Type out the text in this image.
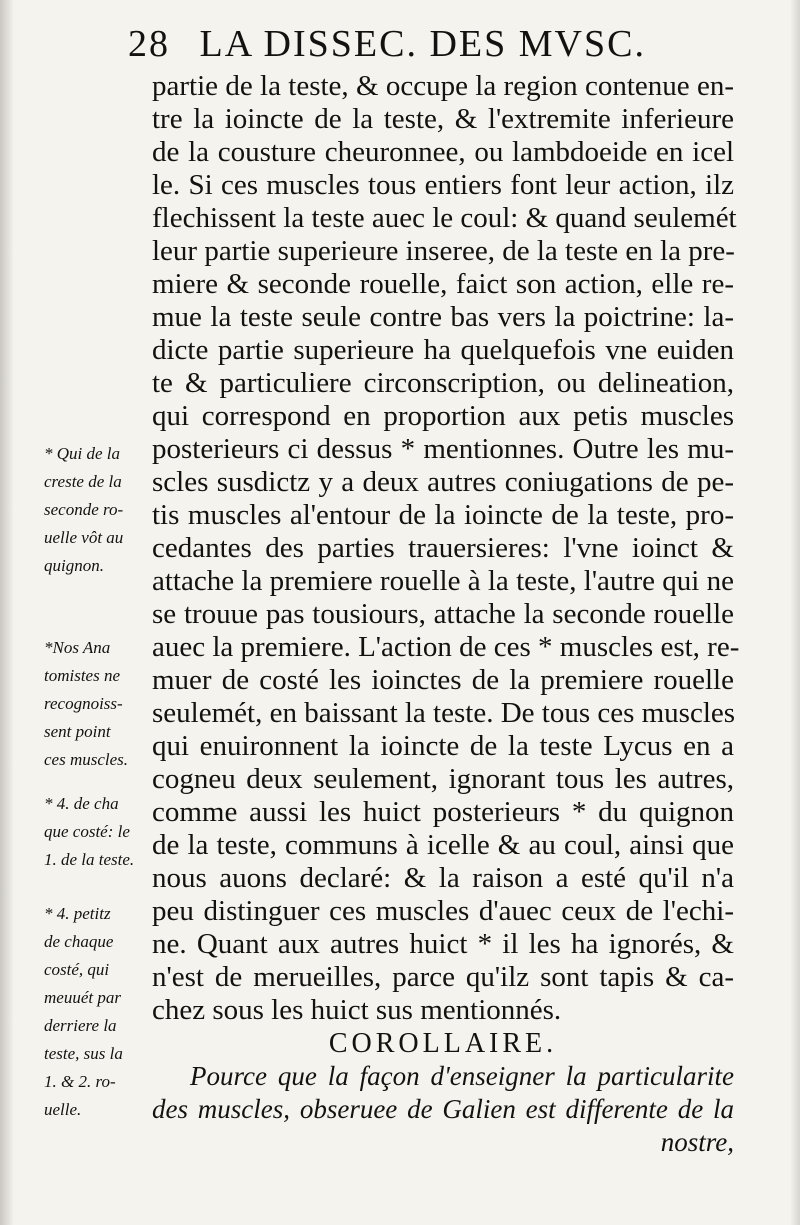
28 LA DISSEC. DES MVSC.
partie de la teste, & occupe la region contenue en-
tre la ioincte de la teste, & l'extremite inferieure
de la cousture cheuronnee, ou lambdoeide en icel
le. Si ces muscles tous entiers font leur action, ilz
flechissent la teste auec le coul: & quand seulemét
leur partie superieure inseree, de la teste en la pre-
miere & seconde rouelle, faict son action, elle re-
mue la teste seule contre bas vers la poictrine: la-
dicte partie superieure ha quelquefois vne euiden
te & particuliere circonscription, ou delineation,
qui correspond en proportion aux petis muscles
posterieurs ci dessus * mentionnes. Outre les mu-
scles susdictz y a deux autres coniugations de pe-
tis muscles al'entour de la ioincte de la teste, pro-
cedantes des parties trauersieres: l'vne ioinct &
attache la premiere rouelle à la teste, l'autre qui ne
se trouue pas tousiours, attache la seconde rouelle
auec la premiere. L'action de ces * muscles est, re-
muer de costé les ioinctes de la premiere rouelle
seulemét, en baissant la teste. De tous ces muscles
qui enuironnent la ioincte de la teste Lycus en a
cogneu deux seulement, ignorant tous les autres,
comme aussi les huict posterieurs * du quignon
de la teste, communs à icelle & au coul, ainsi que
nous auons declaré: & la raison a esté qu'il n'a
peu distinguer ces muscles d'auec ceux de l'echi-
ne. Quant aux autres huict * il les ha ignorés, &
n'est de merueilles, parce qu'ilz sont tapis & ca-
chez sous les huict sus mentionnés.
COROLLAIRE.
Pource que la façon d'enseigner la particularite
des muscles, obseruee de Galien est differente de la
nostre,
* Qui de la
creste de la
seconde ro-
uelle vôt au
quignon.
*Nos Ana
tomistes ne
recognoiss-
sent point
ces muscles.
* 4. de cha
que costé: le
1. de la teste.
* 4. petitz
de chaque
costé, qui
meuuét par
derriere la
teste, sus la
1. & 2. ro-
uelle.
